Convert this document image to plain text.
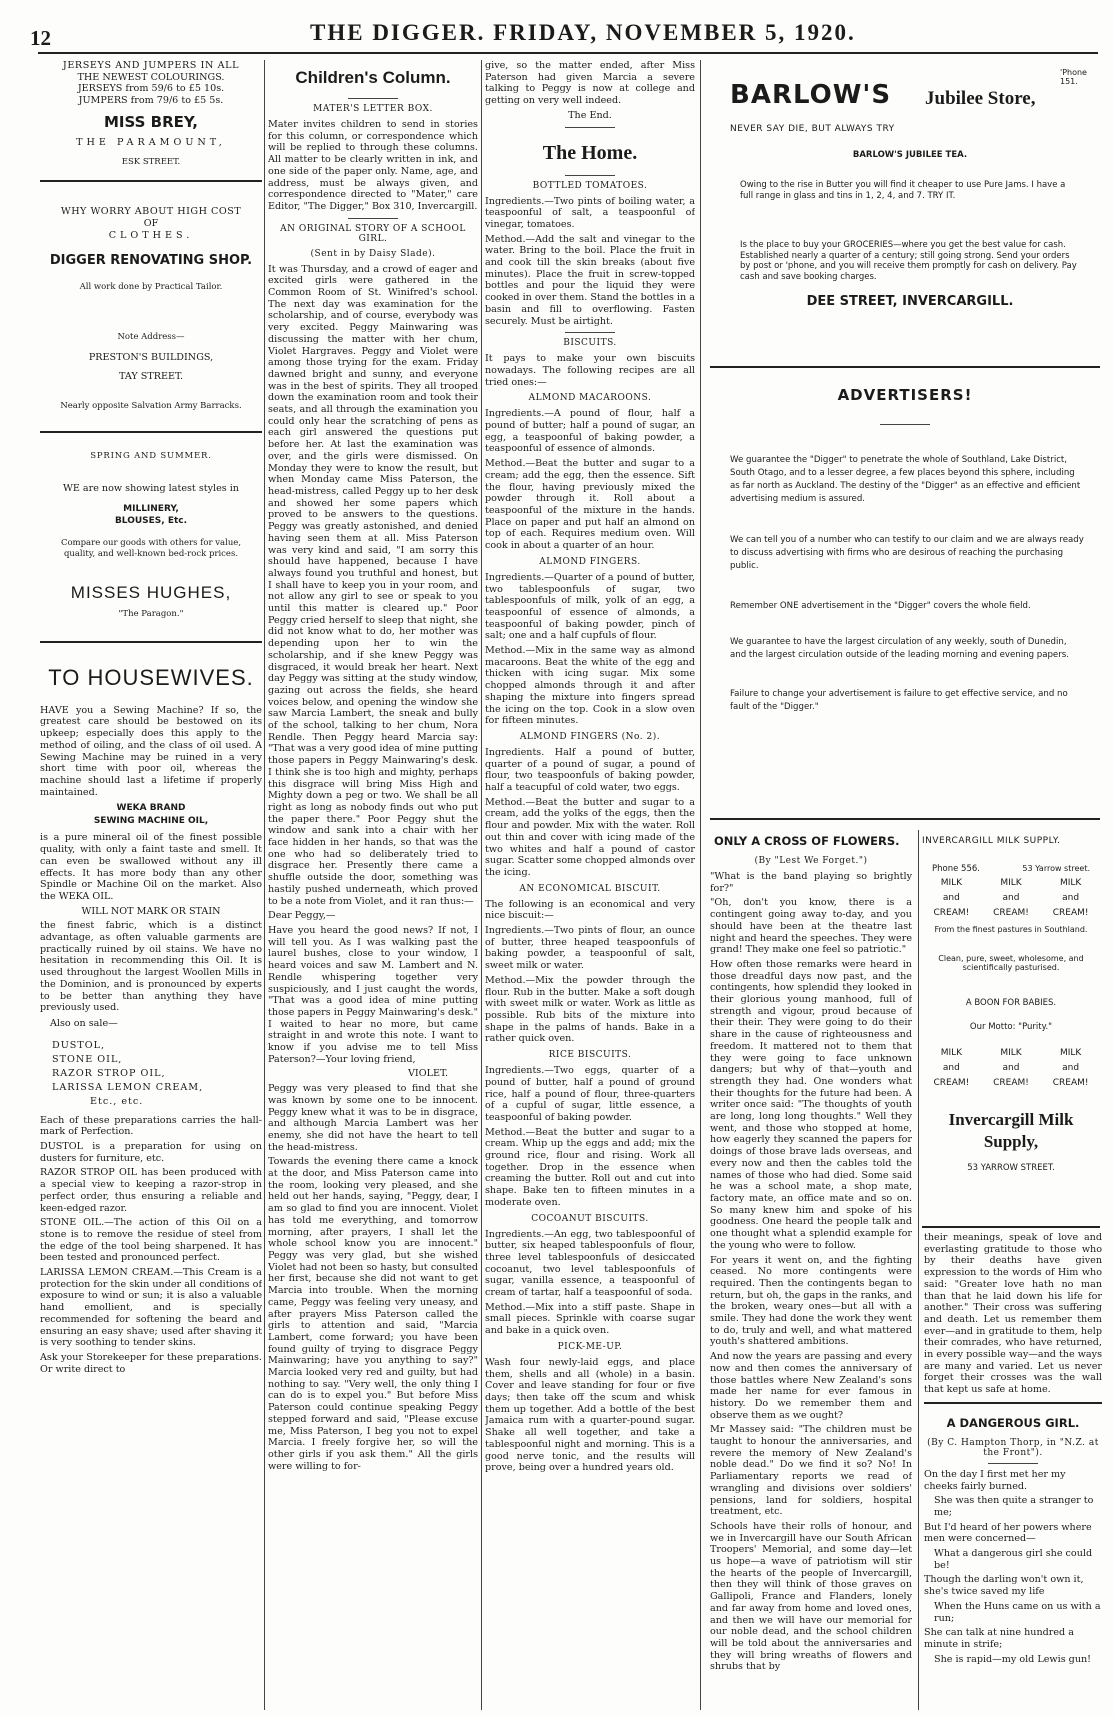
12	THE DIGGER. FRIDAY, NOVEMBER 5, 1920.
JERSEYS AND JUMPERS IN ALL
THE NEWEST COLOURINGS.
JERSEYS from 59/6 to £5 10s.
JUMPERS from 79/6 to £5 5s.
MISS BREY,
THE PARAMOUNT,
ESK STREET.
WHY WORRY ABOUT HIGH COST
OF
CLOTHES.
DIGGER RENOVATING SHOP.
All work done by Practical Tailor.
Note Address—
PRESTON'S BUILDINGS,
TAY STREET.
Nearly opposite Salvation Army Barracks.
SPRING AND SUMMER.
WE are now showing latest styles in
MILLINERY,
BLOUSES, Etc.
Compare our goods with others for value, quality, and well-known bed-rock prices.
MISSES HUGHES,
"The Paragon."
TO HOUSEWIVES.

HAVE you a Sewing Machine? If so, the greatest care should be bestowed on its upkeep; especially does this apply to the method of oiling, and the class of oil used. A Sewing Machine may be ruined in a very short time with poor oil, whereas the machine should last a lifetime if properly maintained.

WEKA BRAND
SEWING MACHINE OIL,

is a pure mineral oil of the finest possible quality, with only a faint taste and smell. It can even be swallowed without any ill effects. It has more body than any other Spindle or Machine Oil on the market. Also the WEKA OIL.

WILL NOT MARK OR STAIN

the finest fabric, which is a distinct advantage, as often valuable garments are practically ruined by oil stains. We have no hesitation in recommending this Oil. It is used throughout the largest Woollen Mills in the Dominion, and is pronounced by experts to be better than anything they have previously used.

Also on sale—
DUSTOL,
STONE OIL,
RAZOR STROP OIL,
LARISSA LEMON CREAM,
Etc., etc.

Each of these preparations carries the hall-mark of Perfection.

DUSTOL is a preparation for using on dusters for furniture, etc.

RAZOR STROP OIL has been produced with a special view to keeping a razor-strop in perfect order, thus ensuring a reliable and keen-edged razor.

STONE OIL.—The action of this Oil on a stone is to remove the residue of steel from the edge of the tool being sharpened. It has been tested and pronounced perfect.

LARISSA LEMON CREAM.—This Cream is a protection for the skin under all conditions of exposure to wind or sun; it is also a valuable hand emollient, and is specially recommended for softening the beard and ensuring an easy shave; used after shaving it is very soothing to tender skins.

Ask your Storekeeper for these preparations. Or write direct to

Children's Column.
MATER'S LETTER BOX.

Mater invites children to send in stories for this column, or correspondence which will be replied to through these columns. All matter to be clearly written in ink, and one side of the paper only. Name, age, and address, must be always given, and correspondence directed to "Mater," care Editor, "The Digger," Box 310, Invercargill.

AN ORIGINAL STORY OF A SCHOOL GIRL.
(Sent in by Daisy Slade).

It was Thursday, and a crowd of eager and excited girls were gathered in the Common Room of St. Winifred's school. The next day was examination for the scholarship, and of course, everybody was very excited. Peggy Mainwaring was discussing the matter with her chum, Violet Hargraves. Peggy and Violet were among those trying for the exam. Friday dawned bright and sunny, and everyone was in the best of spirits. They all trooped down the examination room and took their seats, and all through the examination you could only hear the scratching of pens as each girl answered the questions put before her. At last the examination was over, and the girls were dismissed. On Monday they were to know the result, but when Monday came Miss Paterson, the head-mistress, called Peggy up to her desk and showed her some papers which proved to be answers to the questions. Peggy was greatly astonished, and denied having seen them at all. Miss Paterson was very kind and said, "I am sorry this should have happened, because I have always found you truthful and honest, but I shall have to keep you in your room, and not allow any girl to see or speak to you until this matter is cleared up." Poor Peggy cried herself to sleep that night, she did not know what to do, her mother was depending upon her to win the scholarship, and if she knew Peggy was disgraced, it would break her heart. Next day Peggy was sitting at the study window, gazing out across the fields, she heard voices below, and opening the window she saw Marcia Lambert, the sneak and bully of the school, talking to her chum, Nora Rendle. Then Peggy heard Marcia say: "That was a very good idea of mine putting those papers in Peggy Mainwaring's desk. I think she is too high and mighty, perhaps this disgrace will bring Miss High and Mighty down a peg or two. We shall be all right as long as nobody finds out who put the paper there." Poor Peggy shut the window and sank into a chair with her face hidden in her hands, so that was the one who had so deliberately tried to disgrace her. Presently there came a shuffle outside the door, something was hastily pushed underneath, which proved to be a note from Violet, and it ran thus:—

Dear Peggy,—

Have you heard the good news? If not, I will tell you. As I was walking past the laurel bushes, close to your window, I heard voices and saw M. Lambert and N. Rendle whispering together very suspiciously, and I just caught the words, "That was a good idea of mine putting those papers in Peggy Mainwaring's desk." I waited to hear no more, but came straight in and wrote this note. I want to know if you advise me to tell Miss Paterson?—Your loving friend,

VIOLET.

Peggy was very pleased to find that she was known by some one to be innocent. Peggy knew what it was to be in disgrace, and although Marcia Lambert was her enemy, she did not have the heart to tell the head-mistress.

Towards the evening there came a knock at the door, and Miss Paterson came into the room, looking very pleased, and she held out her hands, saying, "Peggy, dear, I am so glad to find you are innocent. Violet has told me everything, and tomorrow morning, after prayers, I shall let the whole school know you are innocent." Peggy was very glad, but she wished Violet had not been so hasty, but consulted her first, because she did not want to get Marcia into trouble. When the morning came, Peggy was feeling very uneasy, and after prayers Miss Paterson called the girls to attention and said, "Marcia Lambert, come forward; you have been found guilty of trying to disgrace Peggy Mainwaring; have you anything to say?" Marcia looked very red and guilty, but had nothing to say. "Very well, the only thing I can do is to expel you." But before Miss Paterson could continue speaking Peggy stepped forward and said, "Please excuse me, Miss Paterson, I beg you not to expel Marcia. I freely forgive her, so will the other girls if you ask them." All the girls were willing to for-

give, so the matter ended, after Miss Paterson had given Marcia a severe talking to Peggy is now at college and getting on very well indeed.

The End.
The Home.
BOTTLED TOMATOES.

Ingredients.—Two pints of boiling water, a teaspoonful of salt, a teaspoonful of vinegar, tomatoes.

Method.—Add the salt and vinegar to the water. Bring to the boil. Place the fruit in and cook till the skin breaks (about five minutes). Place the fruit in screw-topped bottles and pour the liquid they were cooked in over them. Stand the bottles in a basin and fill to overflowing. Fasten securely. Must be airtight.

BISCUITS.

It pays to make your own biscuits nowadays. The following recipes are all tried ones:—

ALMOND MACAROONS.

Ingredients.—A pound of flour, half a pound of butter; half a pound of sugar, an egg, a teaspoonful of baking powder, a teaspoonful of essence of almonds.

Method.—Beat the butter and sugar to a cream; add the egg, then the essence. Sift the flour, having previously mixed the powder through it. Roll about a teaspoonful of the mixture in the hands. Place on paper and put half an almond on top of each. Requires medium oven. Will cook in about a quarter of an hour.

ALMOND FINGERS.

Ingredients.—Quarter of a pound of butter, two tablespoonfuls of sugar, two tablespoonfuls of milk, yolk of an egg, a teaspoonful of essence of almonds, a teaspoonful of baking powder, pinch of salt; one and a half cupfuls of flour.

Method.—Mix in the same way as almond macaroons. Beat the white of the egg and thicken with icing sugar. Mix some chopped almonds through it and after shaping the mixture into fingers spread the icing on the top. Cook in a slow oven for fifteen minutes.

ALMOND FINGERS (No. 2).

Ingredients. Half a pound of butter, quarter of a pound of sugar, a pound of flour, two teaspoonfuls of baking powder, half a teacupful of cold water, two eggs.

Method.—Beat the butter and sugar to a cream, add the yolks of the eggs, then the flour and powder. Mix with the water. Roll out thin and cover with icing made of the two whites and half a pound of castor sugar. Scatter some chopped almonds over the icing.

AN ECONOMICAL BISCUIT.

The following is an economical and very nice biscuit:—

Ingredients.—Two pints of flour, an ounce of butter, three heaped teaspoonfuls of baking powder, a teaspoonful of salt, sweet milk or water.

Method.—Mix the powder through the flour. Rub in the butter. Make a soft dough with sweet milk or water. Work as little as possible. Rub bits of the mixture into shape in the palms of hands. Bake in a rather quick oven.

RICE BISCUITS.

Ingredients.—Two eggs, quarter of a pound of butter, half a pound of ground rice, half a pound of flour, three-quarters of a cupful of sugar, little essence, a teaspoonful of baking powder.

Method.—Beat the butter and sugar to a cream. Whip up the eggs and add; mix the ground rice, flour and rising. Work all together. Drop in the essence when creaming the butter. Roll out and cut into shape. Bake ten to fifteen minutes in a moderate oven.

COCOANUT BISCUITS.

Ingredients.—An egg, two tablespoonful of butter, six heaped tablespoonfuls of flour, three level tablespoonfuls of desiccated cocoanut, two level tablespoonfuls of sugar, vanilla essence, a teaspoonful of cream of tartar, half a teaspoonful of soda.

Method.—Mix into a stiff paste. Shape in small pieces. Sprinkle with coarse sugar and bake in a quick oven.

PICK-ME-UP.

Wash four newly-laid eggs, and place them, shells and all (whole) in a basin. Cover and leave standing for four or five days; then take off the scum and whisk them up together. Add a bottle of the best Jamaica rum with a quarter-pound sugar. Shake all well together, and take a tablespoonful night and morning. This is a good nerve tonic, and the results will prove, being over a hundred years old.

'Phone 151.
BARLOW'S Jubilee Store,
NEVER SAY DIE, BUT ALWAYS TRY
BARLOW'S JUBILEE TEA.
Owing to the rise in Butter you will find it cheaper to use Pure Jams. I have a full range in glass and tins in 1, 2, 4, and 7. TRY IT.
Is the place to buy your GROCERIES—where you get the best value for cash. Established nearly a quarter of a century; still going strong. Send your orders by post or 'phone, and you will receive them promptly for cash on delivery. Pay cash and save booking charges.
DEE STREET, INVERCARGILL.
ADVERTISERS!
We guarantee the "Digger" to penetrate the whole of Southland, Lake District, South Otago, and to a lesser degree, a few places beyond this sphere, including as far north as Auckland. The destiny of the "Digger" as an effective and efficient advertising medium is assured.
We can tell you of a number who can testify to our claim and we are always ready to discuss advertising with firms who are desirous of reaching the purchasing public.
Remember ONE advertisement in the "Digger" covers the whole field.
We guarantee to have the largest circulation of any weekly, south of Dunedin, and the largest circulation outside of the leading morning and evening papers.
Failure to change your advertisement is failure to get effective service, and no fault of the "Digger."
ONLY A CROSS OF FLOWERS.
(By "Lest We Forget.")

"What is the band playing so brightly for?"

"Oh, don't you know, there is a contingent going away to-day, and you should have been at the theatre last night and heard the speeches. They were grand! They make one feel so patriotic."

How often those remarks were heard in those dreadful days now past, and the contingents, how splendid they looked in their glorious young manhood, full of strength and vigour, proud because of their their. They were going to do their share in the cause of righteousness and freedom. It mattered not to them that they were going to face unknown dangers; but why of that—youth and strength they had. One wonders what their thoughts for the future had been. A writer once said: "The thoughts of youth are long, long long thoughts." Well they went, and those who stopped at home, how eagerly they scanned the papers for doings of those brave lads overseas, and every now and then the cables told the names of those who had died. Some said he was a school mate, a shop mate, factory mate, an office mate and so on. So many knew him and spoke of his goodness. One heard the people talk and one thought what a splendid example for the young who were to follow.

For years it went on, and the fighting ceased. No more contingents were required. Then the contingents began to return, but oh, the gaps in the ranks, and the broken, weary ones—but all with a smile. They had done the work they went to do, truly and well, and what mattered youth's shattered ambitions.

And now the years are passing and every now and then comes the anniversary of those battles where New Zealand's sons made her name for ever famous in history. Do we remember them and observe them as we ought?

Mr Massey said: "The children must be taught to honour the anniversaries, and revere the memory of New Zealand's noble dead." Do we find it so? No! In Parliamentary reports we read of wrangling and divisions over soldiers' pensions, land for soldiers, hospital treatment, etc.

Schools have their rolls of honour, and we in Invercargill have our South African Troopers' Memorial, and some day—let us hope—a wave of patriotism will stir the hearts of the people of Invercargill, then they will think of those graves on Gallipoli, France and Flanders, lonely and far away from home and loved ones, and then we will have our memorial for our noble dead, and the school children will be told about the anniversaries and they will bring wreaths of flowers and shrubs that by

INVERCARGILL MILK SUPPLY.
Phone 556.	53 Yarrow street.
MILK
and
CREAM!
MILK
and
CREAM!
MILK
and
CREAM!
From the finest pastures in Southland.
Clean, pure, sweet, wholesome, and scientifically pasturised.
A BOON FOR BABIES.
Our Motto: "Purity."
MILK
and
CREAM!
MILK
and
CREAM!
MILK
and
CREAM!
Invercargill Milk Supply,
53 YARROW STREET.

their meanings, speak of love and everlasting gratitude to those who by their deaths have given expression to the words of Him who said: "Greater love hath no man than that he laid down his life for another." Their cross was suffering and death. Let us remember them ever—and in gratitude to them, help their comrades, who have returned, in every possible way—and the ways are many and varied. Let us never forget their crosses was the wall that kept us safe at home.

A DANGEROUS GIRL.
(By C. Hampton Thorp, in "N.Z. at the Front").

On the day I first met her my cheeks fairly burned.

She was then quite a stranger to me;

But I'd heard of her powers where men were concerned—

What a dangerous girl she could be!

Though the darling won't own it, she's twice saved my life

When the Huns came on us with a run;

She can talk at nine hundred a minute in strife;

She is rapid—my old Lewis gun!
